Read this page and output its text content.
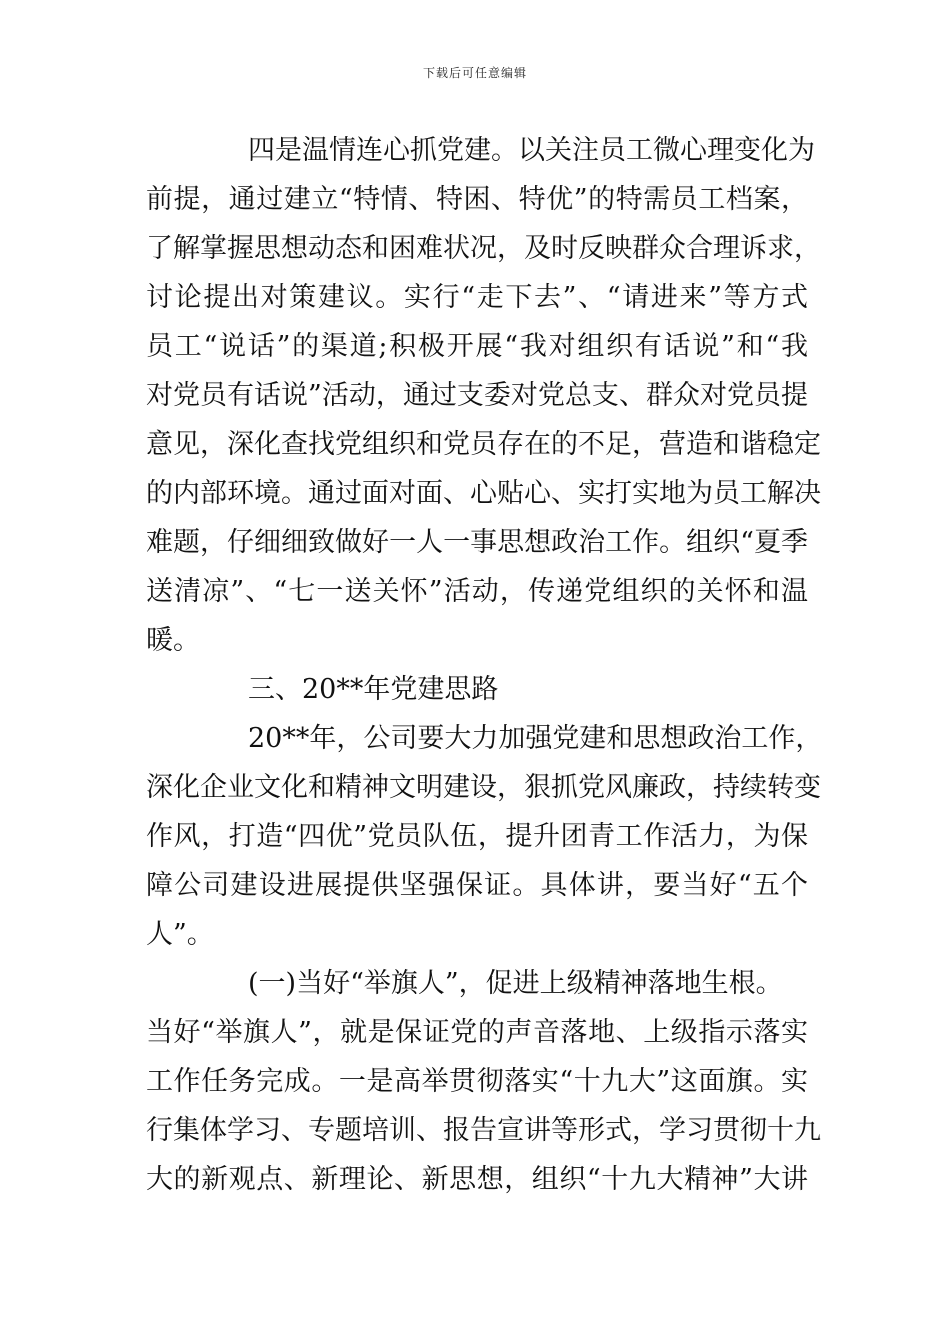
下载后可任意编辑
四是温情连心抓党建。以关注员工微心理变化为
前提，通过建立“特情、特困、特优”的特需员工档案，
了解掌握思想动态和困难状况，及时反映群众合理诉求，
讨论提出对策建议。实行“走下去”、“请进来”等方式
员工“说话”的渠道;积极开展“我对组织有话说”和“我
对党员有话说”活动，通过支委对党总支、群众对党员提
意见，深化查找党组织和党员存在的不足，营造和谐稳定
的内部环境。通过面对面、心贴心、实打实地为员工解决
难题，仔细细致做好一人一事思想政治工作。组织“夏季
送清凉”、“七一送关怀”活动，传递党组织的关怀和温
暖。
三、20**年党建思路
20**年，公司要大力加强党建和思想政治工作，
深化企业文化和精神文明建设，狠抓党风廉政，持续转变
作风，打造“四优”党员队伍，提升团青工作活力，为保
障公司建设进展提供坚强保证。具体讲，要当好“五个
人”。
(一)当好“举旗人”，促进上级精神落地生根。
当好“举旗人”，就是保证党的声音落地、上级指示落实
工作任务完成。一是高举贯彻落实“十九大”这面旗。实
行集体学习、专题培训、报告宣讲等形式，学习贯彻十九
大的新观点、新理论、新思想，组织“十九大精神”大讲
